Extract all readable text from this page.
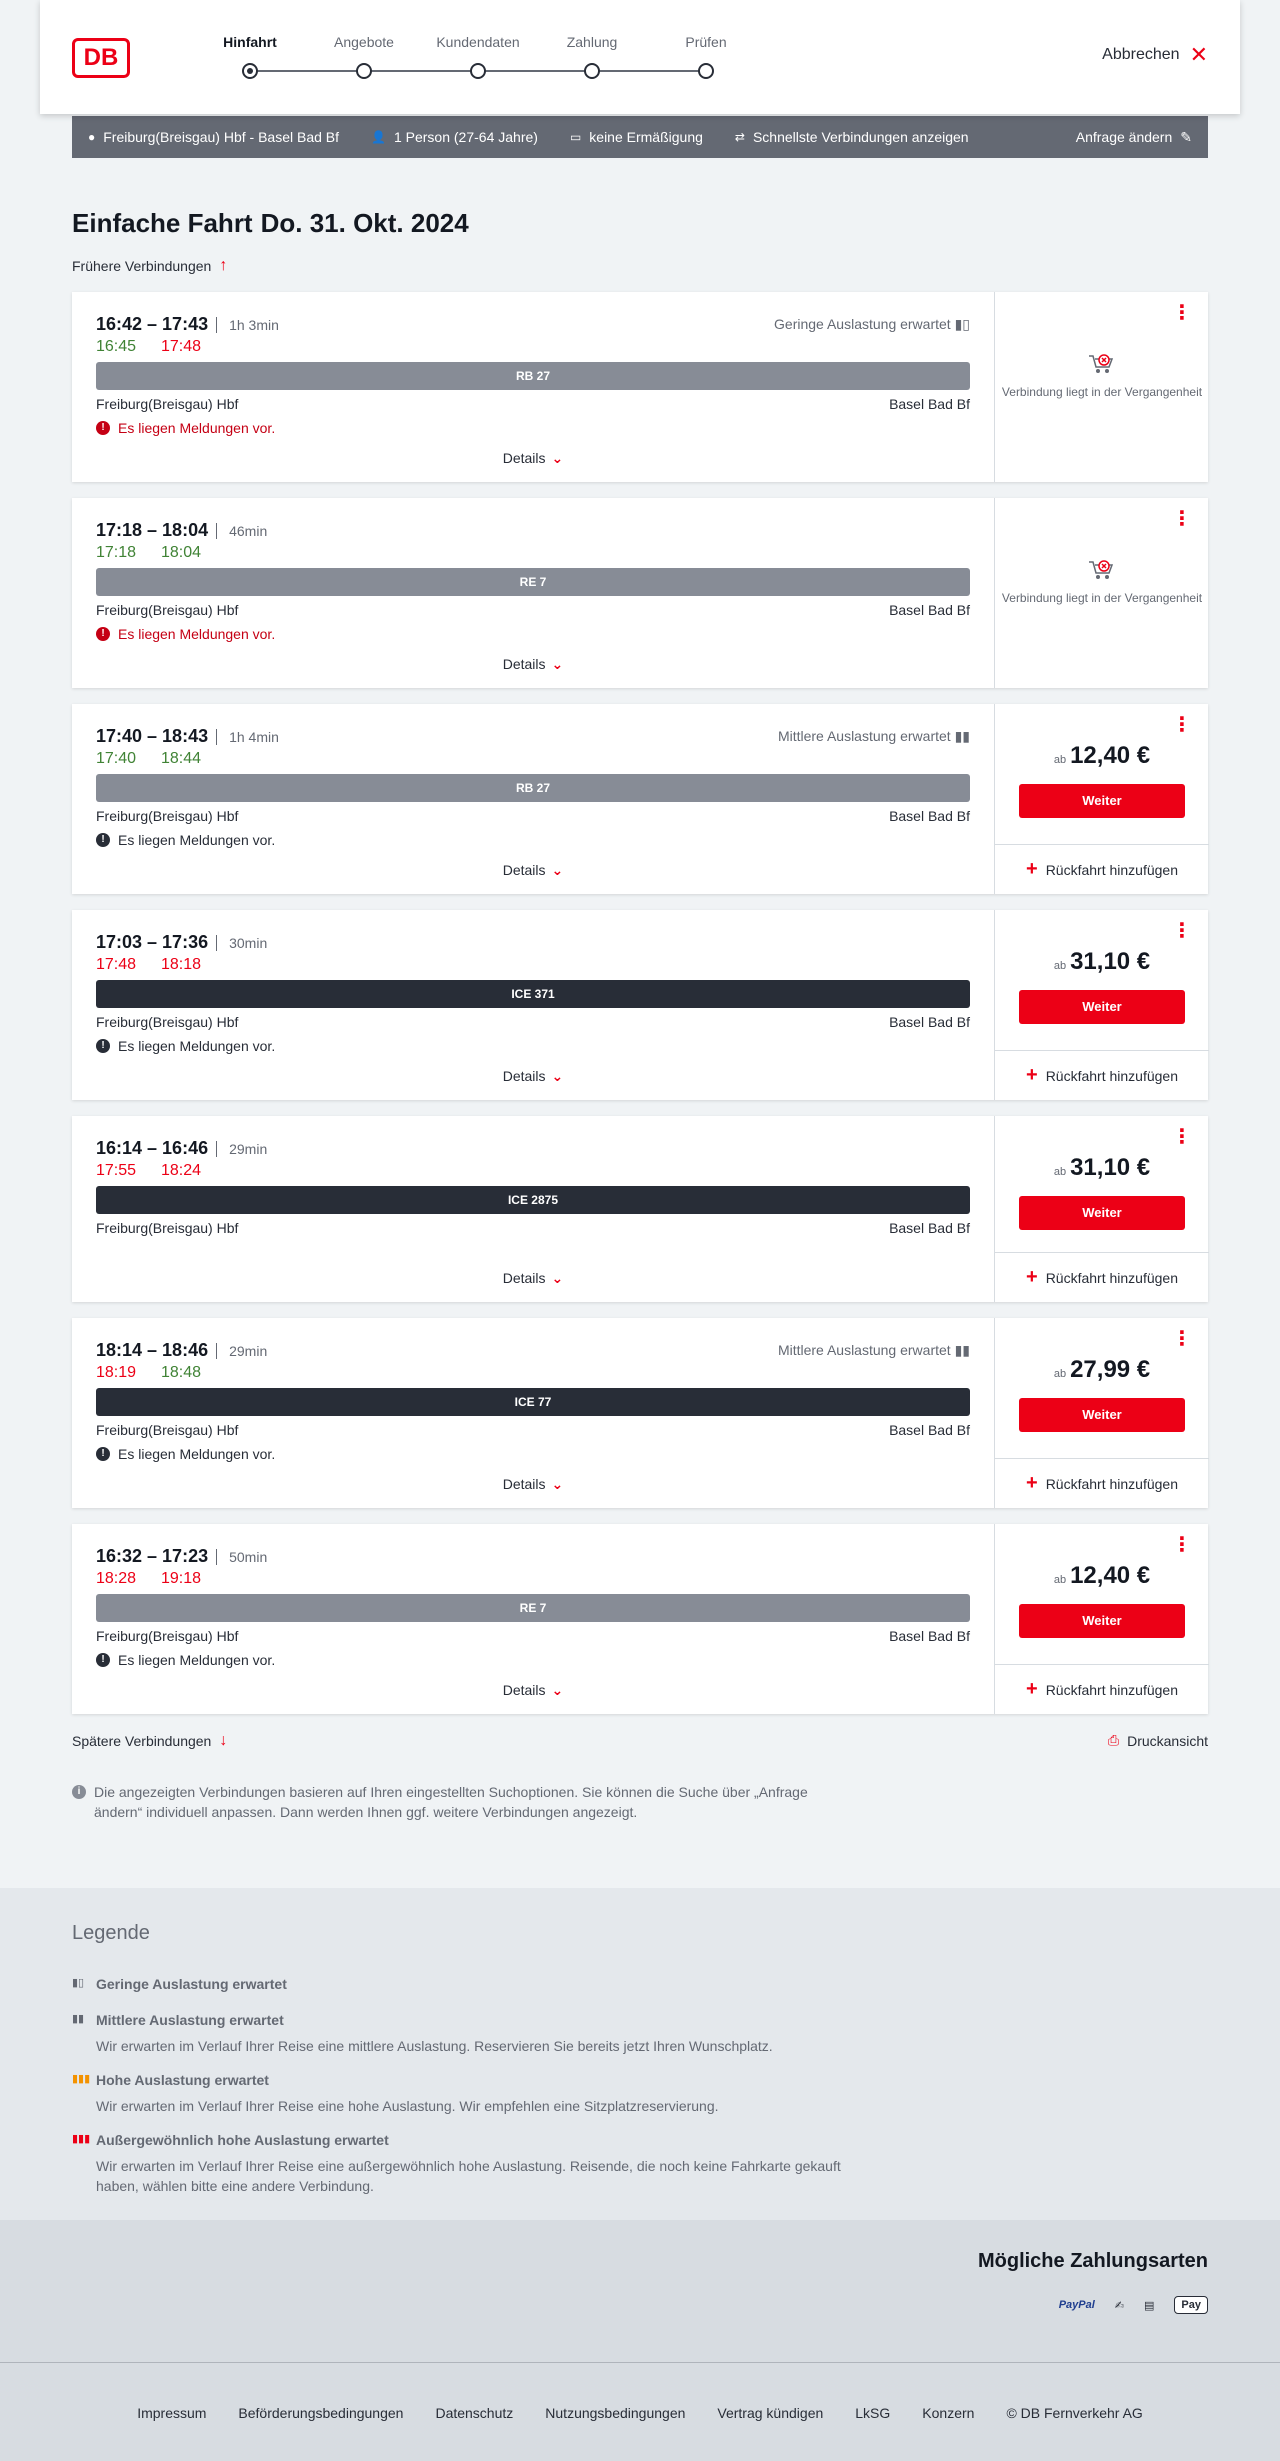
DB
Hinfahrt	Angebote	Kundendaten	Zahlung	Prüfen
Abbrechen ✕
● Freiburg(Breisgau) Hbf - Basel Bad Bf	👤 1 Person (27-64 Jahre)	▭ keine Ermäßigung	⇄ Schnellste Verbindungen anzeigen	Anfrage ändern ✎
Einfache Fahrt Do. 31. Okt. 2024
Frühere Verbindungen ↑
16:42 – 17:43 1h 3min
16:45 17:48
Geringe Auslastung erwartet ▮▯
RB 27
Freiburg(Breisgau) Hbf	Basel Bad Bf
! Es liegen Meldungen vor.
Details ⌄
⋮
Verbindung liegt in der Vergangenheit
17:18 – 18:04 46min
17:18 18:04
RE 7
Freiburg(Breisgau) Hbf	Basel Bad Bf
! Es liegen Meldungen vor.
Details ⌄
⋮
Verbindung liegt in der Vergangenheit
17:40 – 18:43 1h 4min
17:40 18:44
Mittlere Auslastung erwartet ▮▮
RB 27
Freiburg(Breisgau) Hbf	Basel Bad Bf
! Es liegen Meldungen vor.
Details ⌄
⋮
ab 12,40 €
Weiter
+ Rückfahrt hinzufügen
17:03 – 17:36 30min
17:48 18:18
ICE 371
Freiburg(Breisgau) Hbf	Basel Bad Bf
! Es liegen Meldungen vor.
Details ⌄
⋮
ab 31,10 €
Weiter
+ Rückfahrt hinzufügen
16:14 – 16:46 29min
17:55 18:24
ICE 2875
Freiburg(Breisgau) Hbf	Basel Bad Bf
Details ⌄
⋮
ab 31,10 €
Weiter
+ Rückfahrt hinzufügen
18:14 – 18:46 29min
18:19 18:48
Mittlere Auslastung erwartet ▮▮
ICE 77
Freiburg(Breisgau) Hbf	Basel Bad Bf
! Es liegen Meldungen vor.
Details ⌄
⋮
ab 27,99 €
Weiter
+ Rückfahrt hinzufügen
16:32 – 17:23 50min
18:28 19:18
RE 7
Freiburg(Breisgau) Hbf	Basel Bad Bf
! Es liegen Meldungen vor.
Details ⌄
⋮
ab 12,40 €
Weiter
+ Rückfahrt hinzufügen
Spätere Verbindungen ↓	⎙ Druckansicht
i Die angezeigten Verbindungen basieren auf Ihren eingestellten Suchoptionen. Sie können die Suche über „Anfrage ändern“ individuell anpassen. Dann werden Ihnen ggf. weitere Verbindungen angezeigt.
Legende
▮▯ Geringe Auslastung erwartet
▮▮ Mittlere Auslastung erwartet
Wir erwarten im Verlauf Ihrer Reise eine mittlere Auslastung. Reservieren Sie bereits jetzt Ihren Wunschplatz.
▮▮▮ Hohe Auslastung erwartet
Wir erwarten im Verlauf Ihrer Reise eine hohe Auslastung. Wir empfehlen eine Sitzplatzreservierung.
▮▮▮ Außergewöhnlich hohe Auslastung erwartet
Wir erwarten im Verlauf Ihrer Reise eine außergewöhnlich hohe Auslastung. Reisende, die noch keine Fahrkarte gekauft haben, wählen bitte eine andere Verbindung.
Mögliche Zahlungsarten
PayPal ✍ ▤	Pay
Impressum Beförderungsbedingungen Datenschutz Nutzungsbedingungen Vertrag kündigen LkSG Konzern © DB Fernverkehr AG
